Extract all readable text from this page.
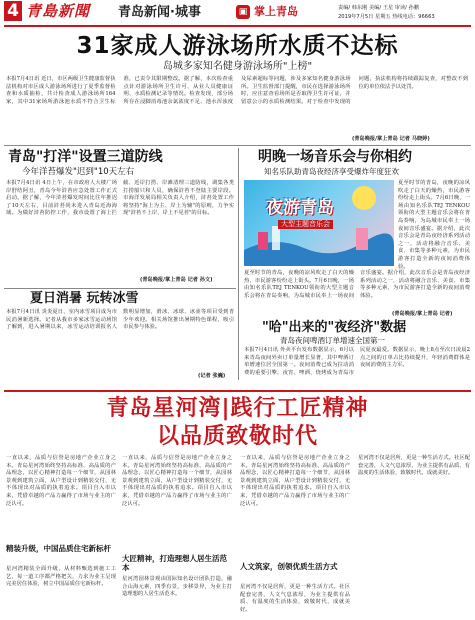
4 青島新聞 青岛新闻·城事	▣ 掌上青岛	责编/ 韩东刚 美编/ 王星 审读/ 孙鹏
2019年7月5日 星期五 热线电话：96663
31家成人游泳场所水质不达标
岛城多家知名健身游泳场所"上榜"
本报7月4日讯 近日，市区两级卫生健康监督执法机构对市区成人游泳场所进行了夏季监督检查和水质抽检，共计检查成人游泳场所164家，其中31家场所游泳池水质不符合卫生标准，已责令其限期整改。据了解，本次检查重点针对游泳场所卫生许可、从业人员健康证明、水质检测记录等情况。检查发现，部分场所存在浸脚消毒池余氯浓度不足、池水浑浊度及尿素超标等问题，涉及多家知名健身游泳场所。卫生监督部门提醒，市民在选择游泳场所时，应注意查看场所是否取得卫生许可证，并留意公示的水质检测结果。对于检查中发现的问题，执法机构将持续跟踪复查，对整改不到位的单位依法予以处罚。
(青岛晚报/掌上青岛 记者 马晓婷)
青岛"打洋"设置三道防线
今年洋苔爆发"迟到"10天左右
本报7月4日讯 4日上午，在市政府人大楼广场岸舒结阿丑，青岛今年浒苔应急处置工作正式启动。据了解，今年浒苔爆发时间比往年推迟了10天左右，目前浒苔尚未进入青岛近海海域。为做好浒苔防控工作，我市设置了海上拦截、近岸打捞、岸滩清理三道防线，调集各类打捞船只和人员，确保浒苔不登陆主要岸段。市海洋发展局相关负责人介绍，浒苔处置工作将坚持"海上为主、岸上为辅"的原则，力争实现"浒苔不上岸、岸上不见苔"的目标。
(青岛晚报/掌上青岛 记者 孙文)
夏日消暑 玩转冰雪
本报7月4日讯 炎炎夏日，室内冰雪项目成为市民消暑新选择。记者从我市多家冰雪运动场馆了解到，进入暑期以来，冰雪运动培训报名人数明显增加，滑冰、冰球、冰壶等项目受到青少年欢迎。相关场馆推出暑期特色课程，吸引市民参与体验。
(记者 张巍)
明晚一场音乐会与你相约
知名乐队助青岛夜经济享受爆炸年度狂欢
夜游青岛
大型主题音乐会
夏至时节的青岛，夜晚的凉风吹走了白天的燥热，市民游客纷纷走上街头。7月6日晚，一场由知名乐队TEJ TENKOU领衔的大型主题音乐会将在青岛奏响，为岛城市民奉上一场夜间音乐盛宴。据介绍，此次音乐会是青岛夜经济系列活动之一，活动将融合音乐、美食、市集等多种元素，为市民游客打造全新的夜间消费体验。
夏至时节的青岛，夜晚的凉风吹走了白天的燥热，市民游客纷纷走上街头。7月6日晚，一场由知名乐队TEJ TENKOU领衔的大型主题音乐会将在青岛奏响，为岛城市民奉上一场夜间音乐盛宴。据介绍，此次音乐会是青岛夜经济系列活动之一，活动将融合音乐、美食、市集等多种元素，为市民游客打造全新的夜间消费体验。
(青岛晚报/掌上青岛 记者)
"哈"出来的"夜经济"数据
青岛夜间啤酒订单增速全国第一
本报7月4日讯 外卖平台发布数据显示，6月以来青岛夜间外卖订单量增长显著，其中啤酒订单增速位居全国第一。夜间消费已成为拉动消费的重要引擎，夜宵、啤酒、烧烤成为青岛市民夏夜最爱。数据显示，晚上8点至次日凌晨2点之间的订单占比持续提升，年轻消费群体是夜间消费的主力军。
青岛星河湾|践行工匠精神
以品质致敬时代
一直以来，品质与信誉是房地产企业立身之本。青岛星河湾始终坚持高标准、高品质的产品理念，以匠心精神打造每一个细节，从园林景观到建筑立面，从户型设计到精装交付，无不体现出对品质的执着追求。项目自入市以来，凭借卓越的产品力赢得了市场与业主的广泛认可。
精装升级，中国品质住宅新标杆
星河湾精装全面升级，从材料甄选到施工工艺，每一道工序都严格把关，力求为业主呈现完美居住体验，树立中国品质住宅新标杆。
一直以来，品质与信誉是房地产企业立身之本。青岛星河湾始终坚持高标准、高品质的产品理念，以匠心精神打造每一个细节，从园林景观到建筑立面，从户型设计到精装交付，无不体现出对品质的执着追求。项目自入市以来，凭借卓越的产品力赢得了市场与业主的广泛认可。
大匠精神，打造理想人居生活范本
星河湾园林景观由国际知名设计团队打造，融合山海元素，四季有景，步移景异，为业主打造理想的人居生活范本。
一直以来，品质与信誉是房地产企业立身之本。青岛星河湾始终坚持高标准、高品质的产品理念，以匠心精神打造每一个细节，从园林景观到建筑立面，从户型设计到精装交付，无不体现出对品质的执着追求。项目自入市以来，凭借卓越的产品力赢得了市场与业主的广泛认可。
人文筑家，创领优质生活方式
星河湾不仅是居所，更是一种生活方式。社区配套完善，人文气息浓厚，为业主提供有品质、有温度的生活体验，致敬时代，成就美好。
星河湾不仅是居所，更是一种生活方式。社区配套完善，人文气息浓厚，为业主提供有品质、有温度的生活体验，致敬时代，成就美好。
